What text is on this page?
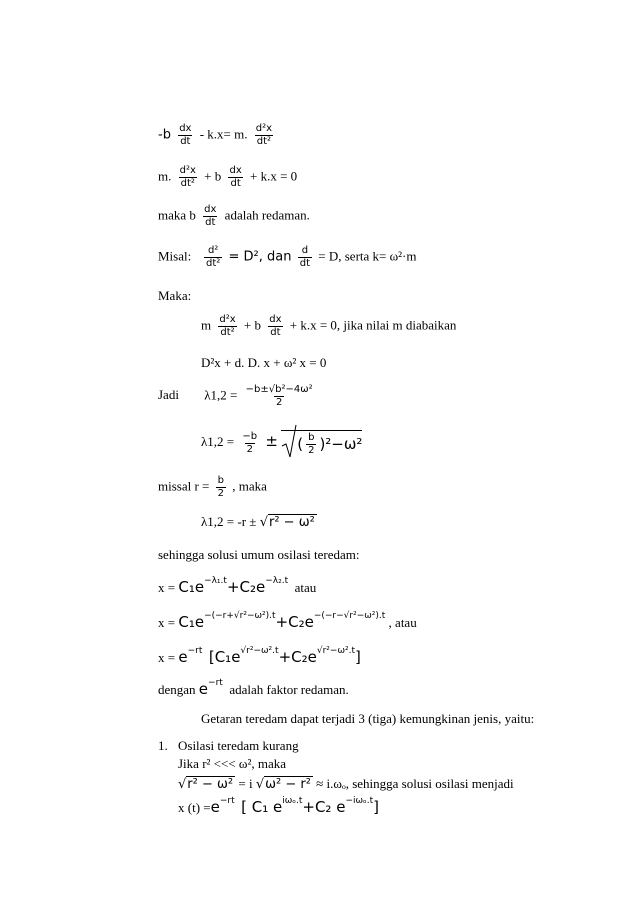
$-b \frac{dx}{dt} - k.x= m$. $\frac{\text{d²x}}{\text{dt²}}$
m. $\frac{\text{d²x}}{\text{dt²}} + b \frac{dx}{dt} + k.x = 0$
maka b $\frac{dx}{dt}$ adalah redaman.
Misal: $\frac{\text{d²}}{\text{dt²}} = D^2$, dan $\frac{d}{dt} = D$, serta k= ω²·m
Maka:
m $\frac{\text{d²x}}{\text{dt²}} + b \frac{dx}{dt} + k.x = 0$, jika nilai m diabaikan
D²x + d. D. x + ω² x = 0
Jadi $\lambda 1,2 = \frac{\text{−b±√b²−4ω²}}{2}$
$\lambda 1,2 = \frac{-b}{2}$ ± ( $\frac{b}{2} )^2-\omega^2$
missal $r = \frac{b}{2}$ , maka
λ1,2 = -r ± √ r² − ω²
sehingga solusi umum osilasi teredam:
$x = C_1e^{-\lambda_1.t}+C_2e^{-\lambda_2.t}$ atau
$x = C_1e^{-(-r+√r^2-\omega^2).t}+C_2e^{-(-r-√r^2-\omega^2).t}$ , atau
$x = e^{-rt}$ $[C_1e^{√r^2-\omega^2.t}+C_2e^{√r^2-\omega^2.t}]$
dengan $e^{-rt}$ adalah faktor redaman.
Getaran teredam dapat terjadi 3 (tiga) kemungkinan jenis, yaitu:
1. Osilasi teredam kurang
Jika r² <<< ω², maka
√ r² − ω² = i √ ω² − r² ≈ i.ωₒ, sehingga solusi osilasi menjadi
x $(t) =e^{-rt}$ [ C₁ $e^{i\omega_o.t}+C_2$ $e^{-i\omega_o.t}$]
